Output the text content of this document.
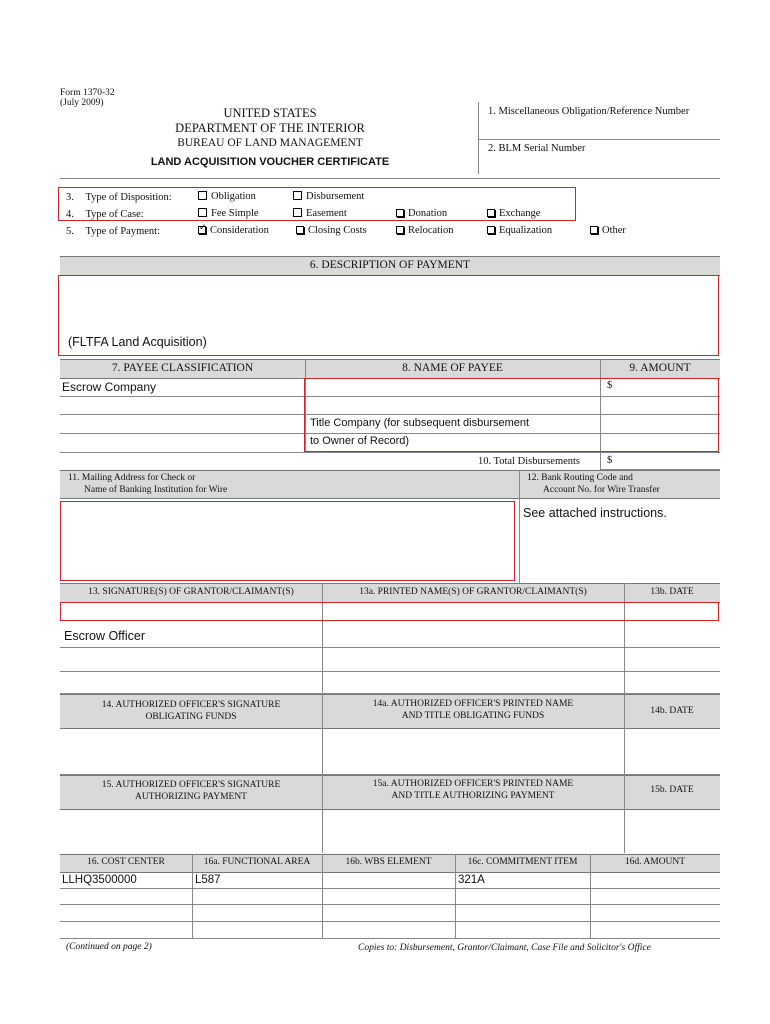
Form 1370-32
(July 2009)
UNITED STATES
DEPARTMENT OF THE INTERIOR
BUREAU OF LAND MANAGEMENT
LAND ACQUISITION VOUCHER CERTIFICATE
1. Miscellaneous Obligation/Reference Number
2. BLM Serial Number
3. Type of Disposition:	Obligation	Disbursement
4. Type of Case:	Fee Simple	Easement	Donation	Exchange
5. Type of Payment:
✓	Consideration	Closing Costs	Relocation	Equalization	Other
6. DESCRIPTION OF PAYMENT
(FLTFA Land Acquisition)
7. PAYEE CLASSIFICATION	8. NAME OF PAYEE	9. AMOUNT
Escrow Company	$
Title Company (for subsequent disbursement
to Owner of Record)
10. Total Disbursements	$
11. Mailing Address for Check or
Name of Banking Institution for Wire
12. Bank Routing Code and
Account No. for Wire Transfer
See attached instructions.
13. SIGNATURE(S) OF GRANTOR/CLAIMANT(S)	13a. PRINTED NAME(S) OF GRANTOR/CLAIMANT(S)	13b. DATE
Escrow Officer
14. AUTHORIZED OFFICER'S SIGNATURE
OBLIGATING FUNDS
14a. AUTHORIZED OFFICER'S PRINTED NAME
AND TITLE OBLIGATING FUNDS	14b. DATE
15. AUTHORIZED OFFICER'S SIGNATURE
AUTHORIZING PAYMENT
15a. AUTHORIZED OFFICER'S PRINTED NAME
AND TITLE AUTHORIZING PAYMENT
15b. DATE
16. COST CENTER	16a. FUNCTIONAL AREA	16b. WBS ELEMENT	16c. COMMITMENT ITEM	16d. AMOUNT
LLHQ3500000	L587	321A
(Continued on page 2)	Copies to: Disbursement, Grantor/Claimant, Case File and Solicitor's Office
